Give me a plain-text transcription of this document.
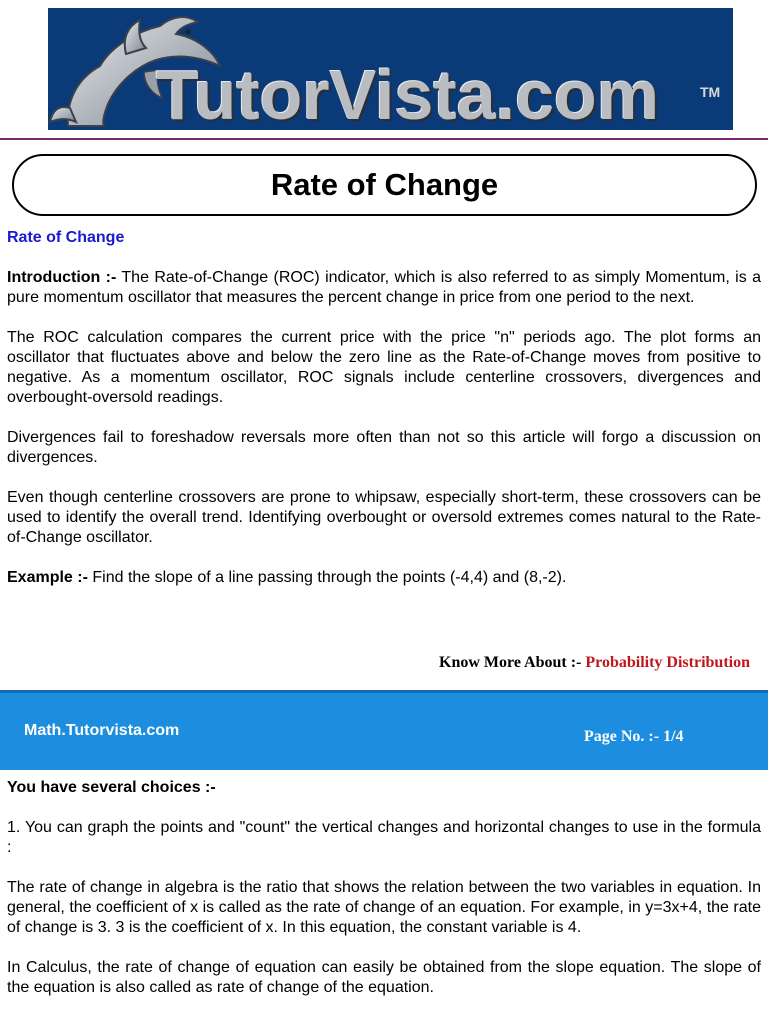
TutorVista.com	TM
Rate of Change

Rate of Change

Introduction :- The Rate-of-Change (ROC) indicator, which is also referred to as simply Momentum, is a pure momentum oscillator that measures the percent change in price from one period to the next.

The ROC calculation compares the current price with the price "n" periods ago. The plot forms an oscillator that fluctuates above and below the zero line as the Rate-of-Change moves from positive to negative. As a momentum oscillator, ROC signals include centerline crossovers, divergences and overbought-oversold readings.

Divergences fail to foreshadow reversals more often than not so this article will forgo a discussion on divergences.

Even though centerline crossovers are prone to whipsaw, especially short-term, these crossovers can be used to identify the overall trend. Identifying overbought or oversold extremes comes natural to the Rate-of-Change oscillator.

Example :- Find the slope of a line passing through the points (-4,4) and (8,-2).

Know More About :- Probability Distribution
Math.Tutorvista.com	Page No. :- 1/4

You have several choices :-

1. You can graph the points and "count" the vertical changes and horizontal changes to use in the formula :

The rate of change in algebra is the ratio that shows the relation between the two variables in equation. In general, the coefficient of x is called as the rate of change of an equation. For example, in y=3x+4, the rate of change is 3. 3 is the coefficient of x. In this equation, the constant variable is 4.

In Calculus, the rate of change of equation can easily be obtained from the slope equation. The slope of the equation is also called as rate of change of the equation.
